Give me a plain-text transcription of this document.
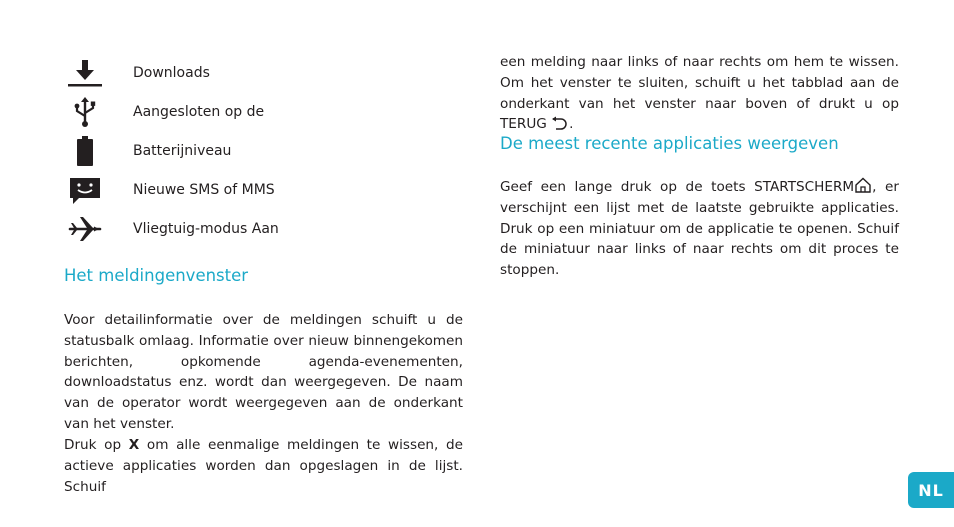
Downloads
Aangesloten op de
Batterijniveau
Nieuwe SMS of MMS
Vliegtuig-modus Aan
Het meldingenvenster

Voor detailinformatie over de meldingen schuift u de statusbalk omlaag. Informatie over nieuw binnengekomen berichten, opkomende agenda-evenementen, downloadstatus enz. wordt dan weergegeven. De naam van de operator wordt weergegeven aan de onderkant van het venster.

Druk op X om alle eenmalige meldingen te wissen, de actieve applicaties worden dan opgeslagen in de lijst. Schuif

een melding naar links of naar rechts om hem te wissen. Om het venster te sluiten, schuift u het tabblad aan de onderkant van het venster naar boven of drukt u op TERUG .

De meest recente applicaties weergeven

Geef een lange druk op de toets STARTSCHERM , er verschijnt een lijst met de laatste gebruikte applicaties. Druk op een miniatuur om de applicatie te openen. Schuif de miniatuur naar links of naar rechts om dit proces te stoppen.

NL
